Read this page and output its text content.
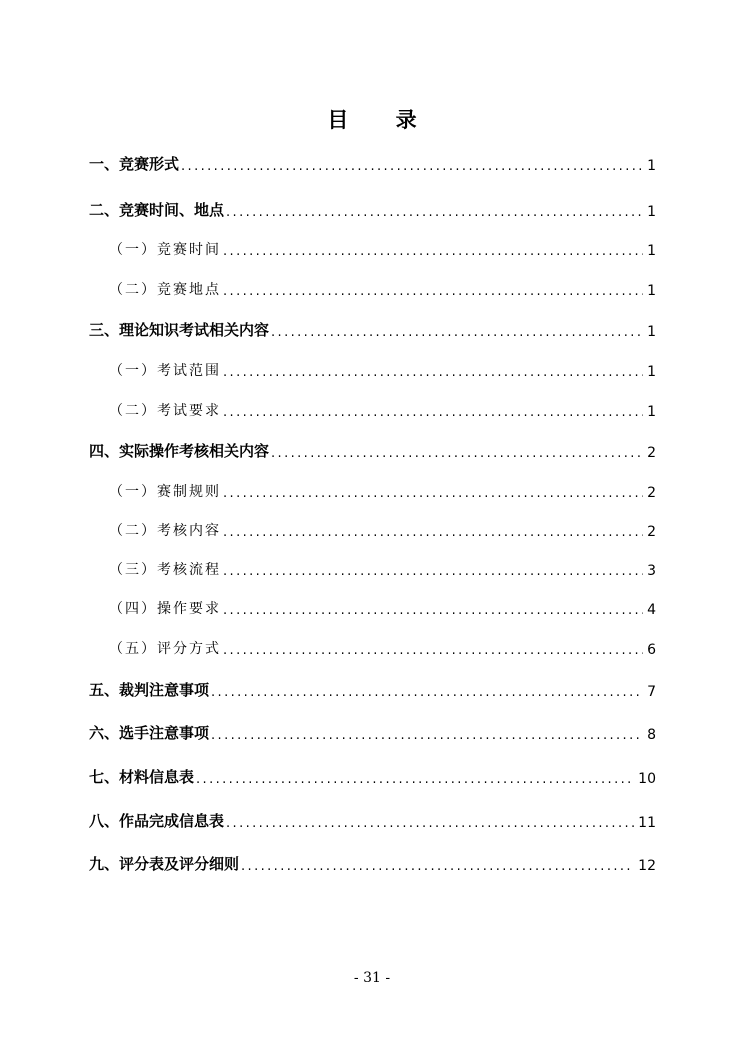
目 录
一、竞赛形式 .....	1
二、竞赛时间、地点 .....	1
（一）竞赛时间 .....	1
（二）竞赛地点 .....	1
三、理论知识考试相关内容 .....	1
（一）考试范围 .....	1
（二）考试要求 .....	1
四、实际操作考核相关内容 .....	2
（一）赛制规则 .....	2
（二）考核内容 .....	2
（三）考核流程 .....	3
（四）操作要求 .....	4
（五）评分方式 .....	6
五、裁判注意事项 .....	7
六、选手注意事项 .....	8
七、材料信息表 .....	10
八、作品完成信息表 .....	11
九、评分表及评分细则 .....	12
- 31 -
